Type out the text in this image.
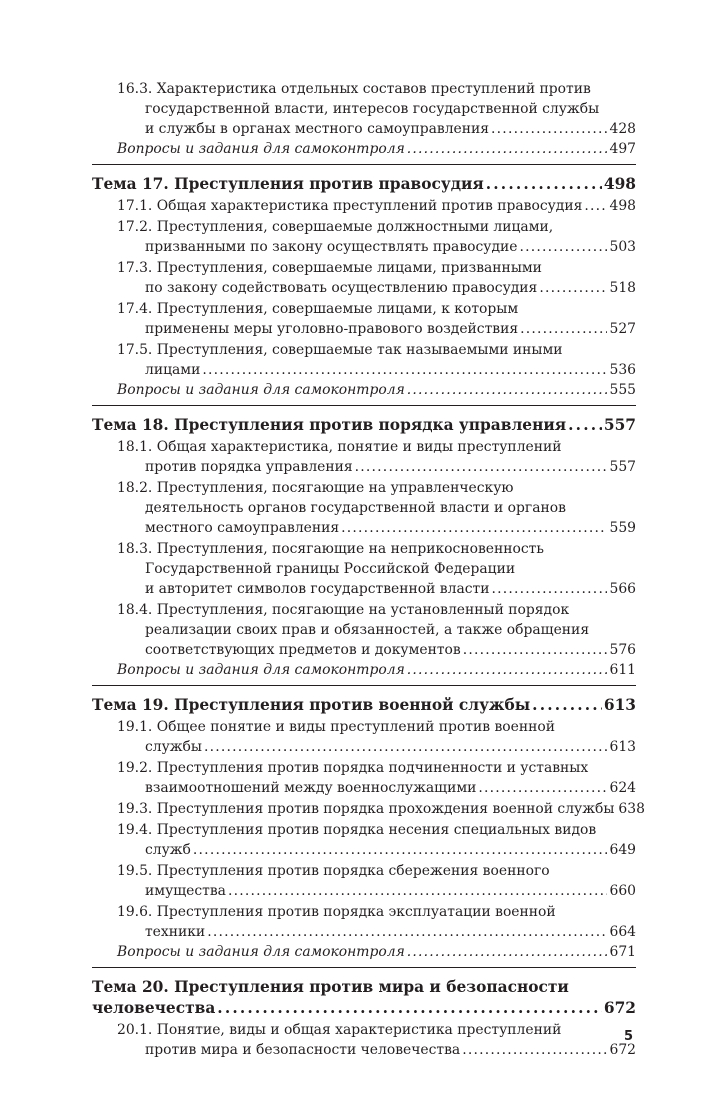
16.3. Характеристика отдельных составов преступлений против
государственной власти, интересов государственной службы
и службы в органах местного самоуправления . . .	428
Вопросы и задания для самоконтроля . . .	497
Тема 17. Преступления против правосудия . . .	498
17.1. Общая характеристика преступлений против правосудия . . . 498
17.2. Преступления, совершаемые должностными лицами,
призванными по закону осуществлять правосудие . . .	503
17.3. Преступления, совершаемые лицами, призванными
по закону содействовать осуществлению правосудия . . .	518
17.4. Преступления, совершаемые лицами, к которым
применены меры уголовно-правового воздействия . . .	527
17.5. Преступления, совершаемые так называемыми иными
лицами . . .	536
Вопросы и задания для самоконтроля . . .	555
Тема 18. Преступления против порядка управления . . . 557
18.1. Общая характеристика, понятие и виды преступлений
против порядка управления . . .	557
18.2. Преступления, посягающие на управленческую
деятельность органов государственной власти и органов
местного самоуправления . . .	559
18.3. Преступления, посягающие на неприкосновенность
Государственной границы Российской Федерации
и авторитет символов государственной власти . . .	566
18.4. Преступления, посягающие на установленный порядок
реализации своих прав и обязанностей, а также обращения
соответствующих предметов и документов . . .	576
Вопросы и задания для самоконтроля . . .	611
Тема 19. Преступления против военной службы . . .	613
19.1. Общее понятие и виды преступлений против военной
службы . . .	613
19.2. Преступления против порядка подчиненности и уставных
взаимоотношений между военнослужащими . . .	624
19.3. Преступления против порядка прохождения военной службы 638
19.4. Преступления против порядка несения специальных видов
служб . . .	649
19.5. Преступления против порядка сбережения военного
имущества . . .	660
19.6. Преступления против порядка эксплуатации военной
техники . . .	664
Вопросы и задания для самоконтроля . . .	671
Тема 20. Преступления против мира и безопасности
человечества . . .	672
20.1. Понятие, виды и общая характеристика преступлений
против мира и безопасности человечества . . .	672
5
